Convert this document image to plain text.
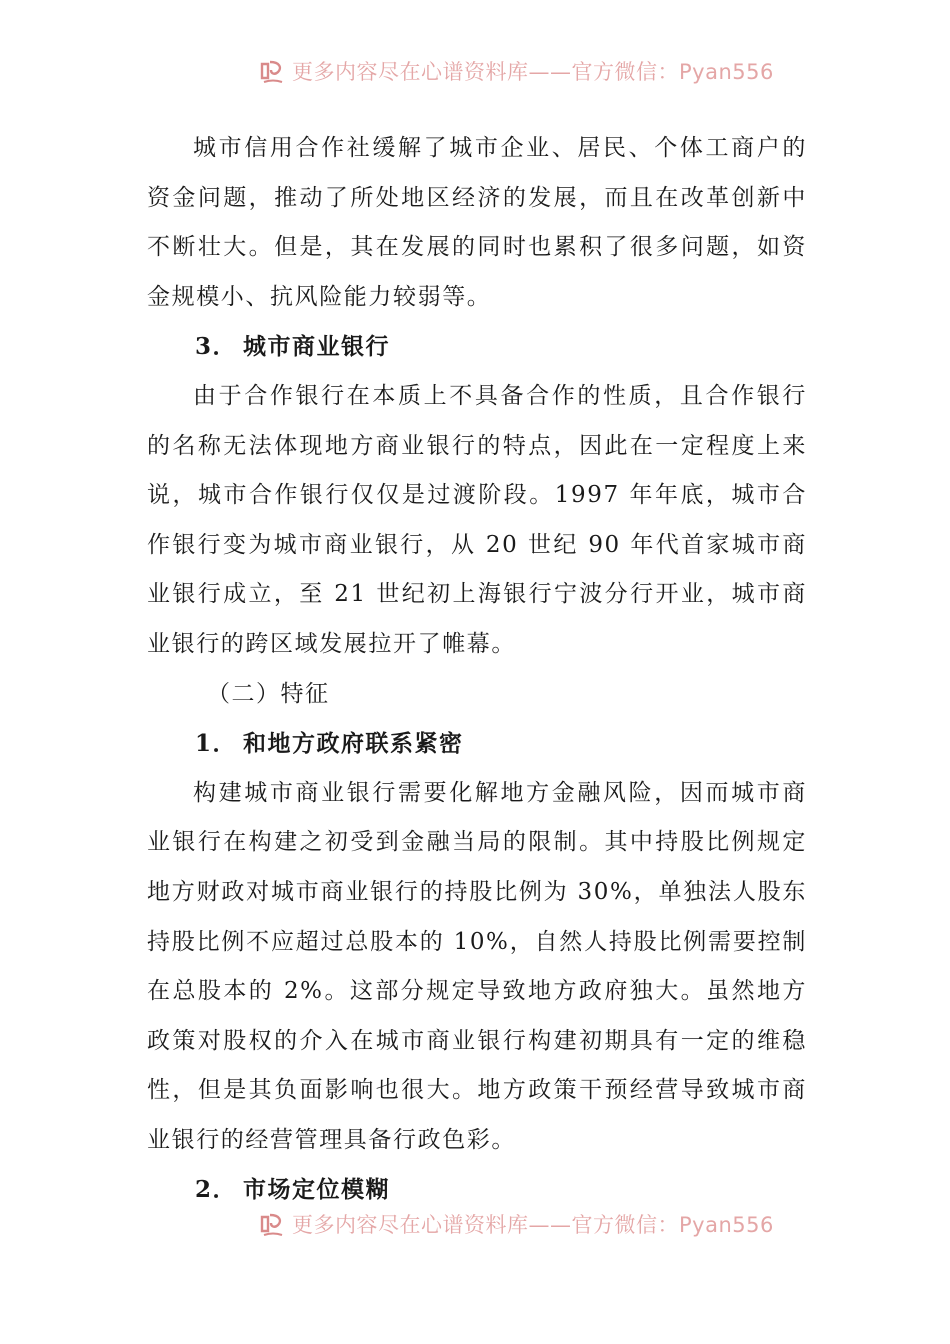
更多内容尽在心谱资料库——官方微信：Pyan556

城市信用合作社缓解了城市企业、居民、个体工商户的资金问题，推动了所处地区经济的发展，而且在改革创新中不断壮大。但是，其在发展的同时也累积了很多问题，如资金规模小、抗风险能力较弱等。

3． 城市商业银行

由于合作银行在本质上不具备合作的性质，且合作银行的名称无法体现地方商业银行的特点，因此在一定程度上来说，城市合作银行仅仅是过渡阶段。1997 年年底，城市合作银行变为城市商业银行，从 20 世纪 90 年代首家城市商业银行成立，至 21 世纪初上海银行宁波分行开业，城市商业银行的跨区域发展拉开了帷幕。

（二）特征
1． 和地方政府联系紧密

构建城市商业银行需要化解地方金融风险，因而城市商业银行在构建之初受到金融当局的限制。其中持股比例规定地方财政对城市商业银行的持股比例为 30%，单独法人股东持股比例不应超过总股本的 10%，自然人持股比例需要控制在总股本的 2%。这部分规定导致地方政府独大。虽然地方政策对股权的介入在城市商业银行构建初期具有一定的维稳性，但是其负面影响也很大。地方政策干预经营导致城市商业银行的经营管理具备行政色彩。

2． 市场定位模糊
更多内容尽在心谱资料库——官方微信：Pyan556
